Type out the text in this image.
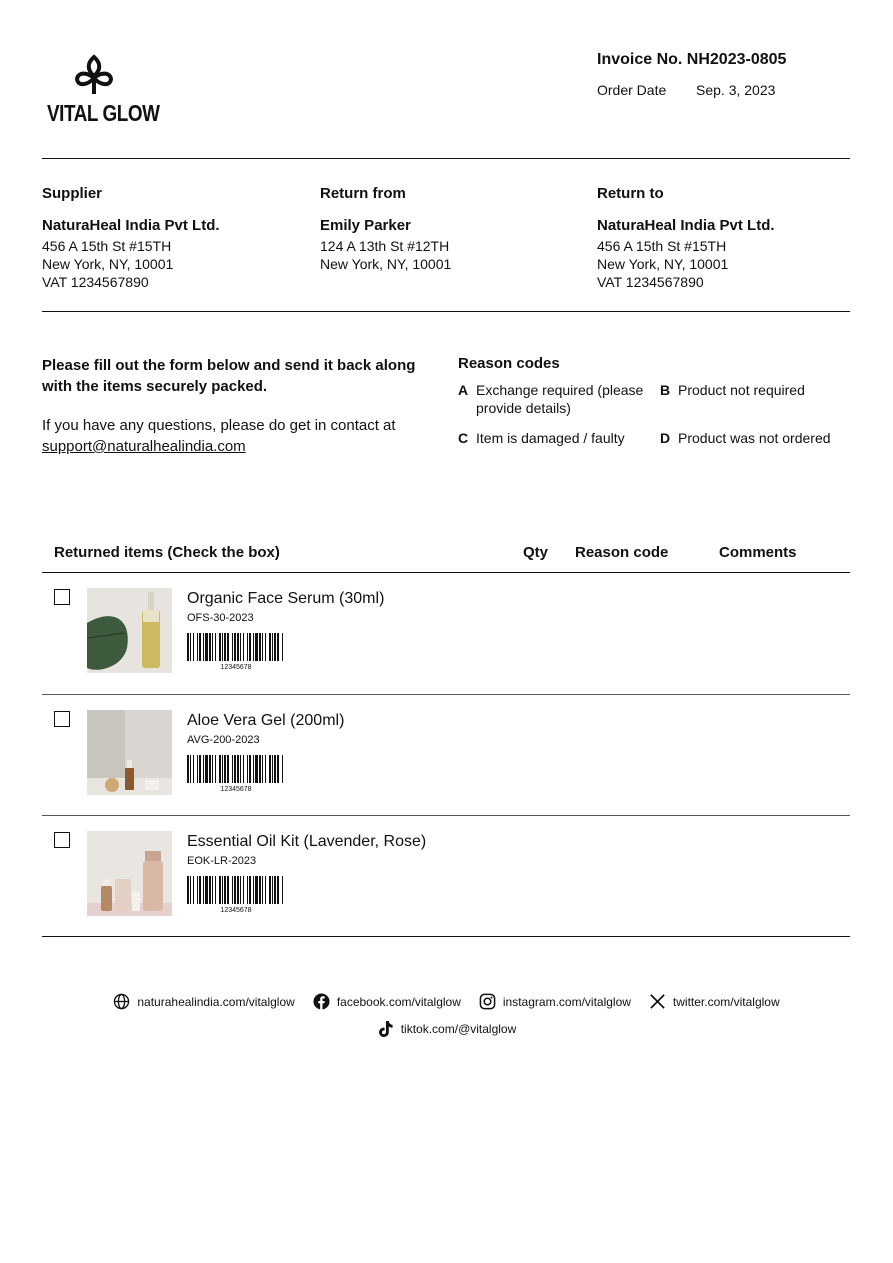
VITAL GLOW
Invoice No. NH2023-0805
Order Date Sep. 3, 2023
Supplier
NaturaHeal India Pvt Ltd.
456 A 15th St #15TH
New York, NY, 10001
VAT 1234567890
Return from
Emily Parker
124 A 13th St #12TH
New York, NY, 10001
Return to
NaturaHeal India Pvt Ltd.
456 A 15th St #15TH
New York, NY, 10001
VAT 1234567890
Please fill out the form below and send it back along with the items securely packed.
If you have any questions, please do get in contact at
support@naturalhealindia.com
Reason codes
A Exchange required (please provide details)
B Product not required
C Item is damaged / faulty	D Product was not ordered
Returned items (Check the box)	Qty Reason code	Comments
Organic Face Serum (30ml)
OFS-30-2023
12345678
Aloe Vera Gel (200ml)
AVG-200-2023
12345678
Essential Oil Kit (Lavender, Rose)
EOK-LR-2023
12345678
naturahealindia.com/vitalglow	facebook.com/vitalglow	instagram.com/vitalglow	twitter.com/vitalglow
tiktok.com/@vitalglow
